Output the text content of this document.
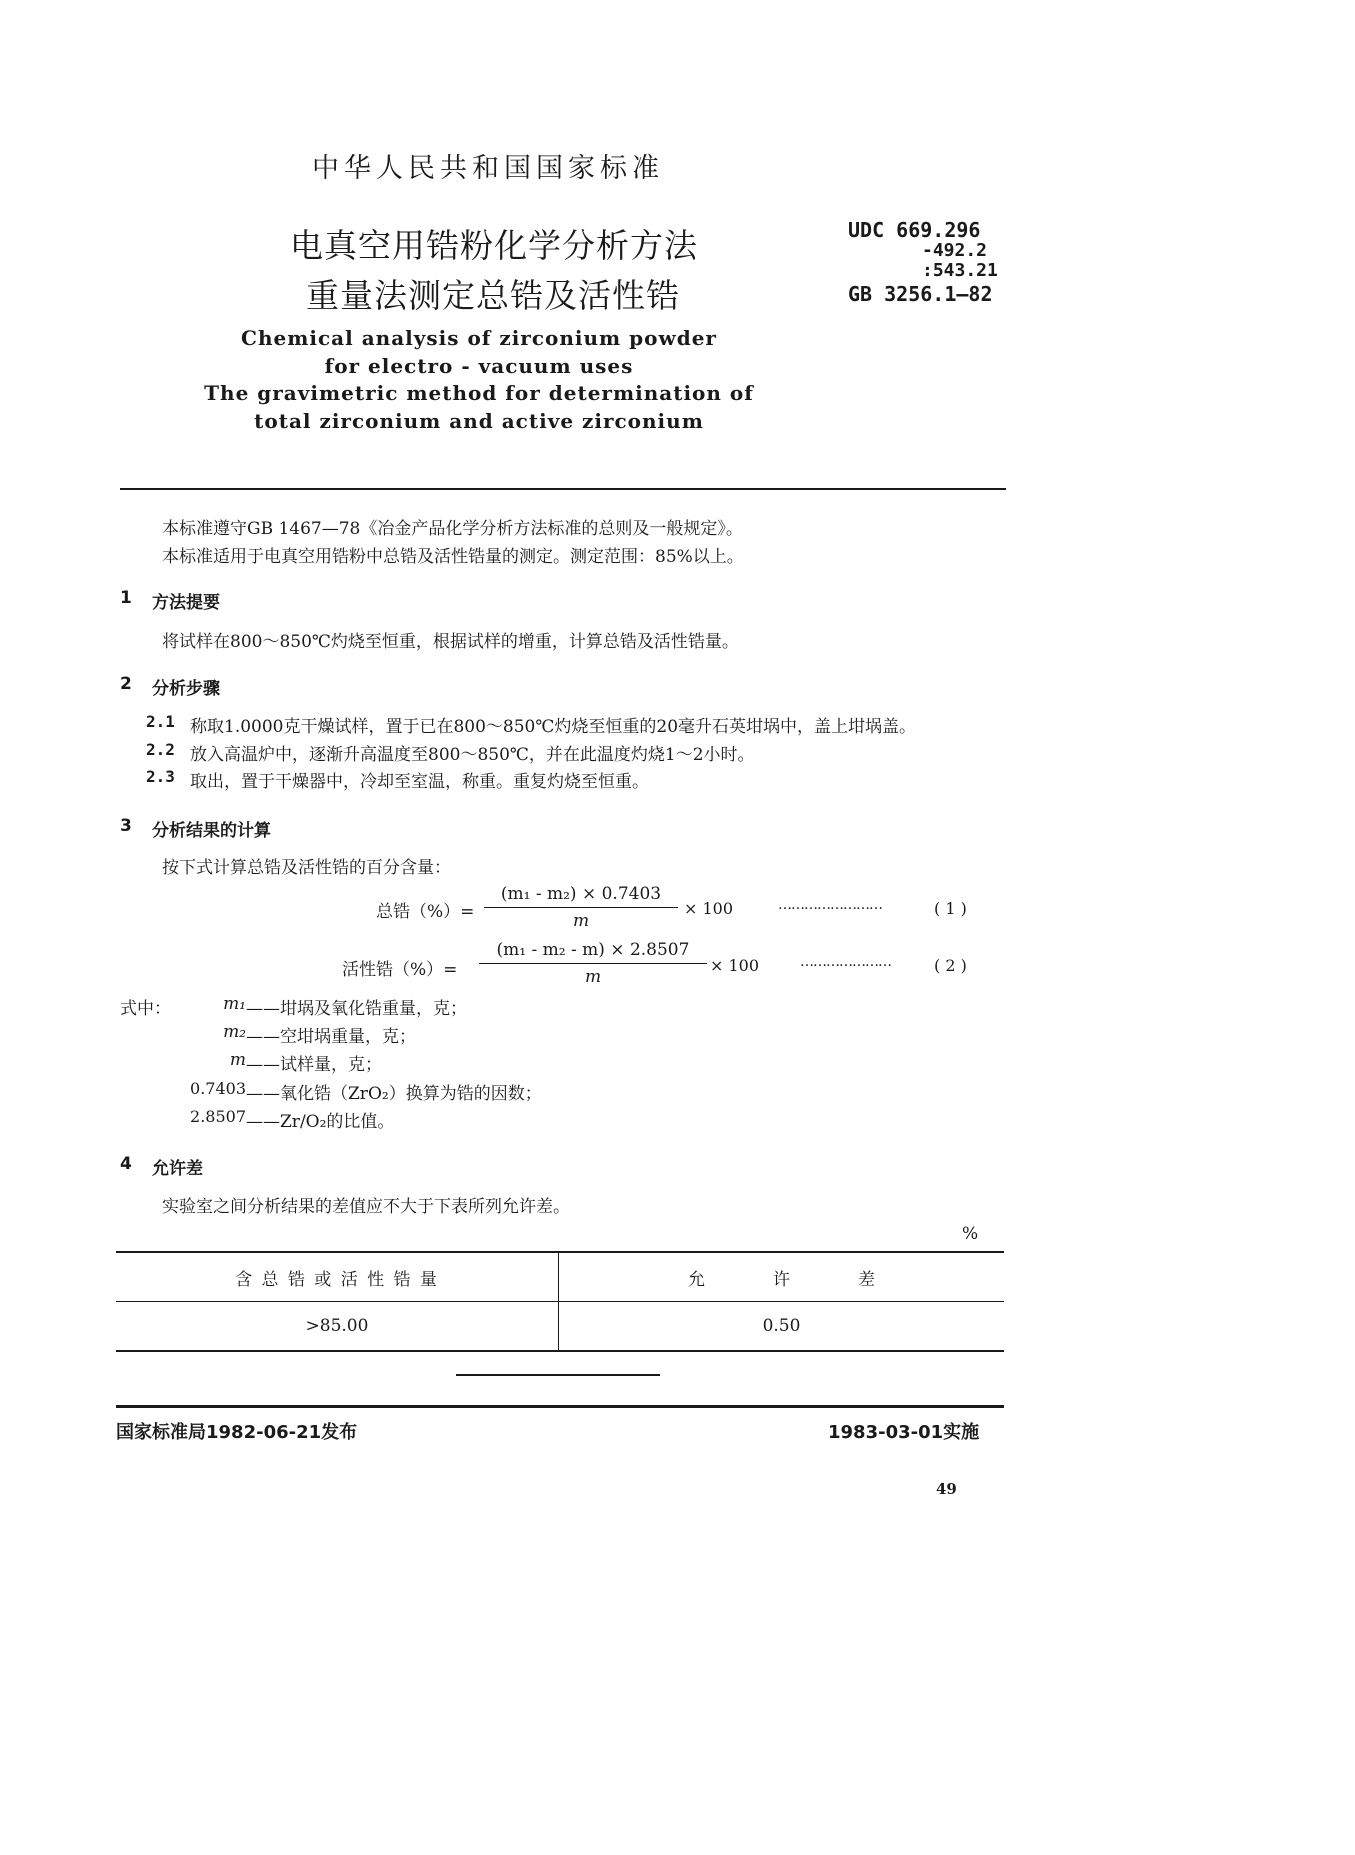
中华人民共和国国家标准
电真空用锆粉化学分析方法
重量法测定总锆及活性锆
UDC 669.296
-492.2
:543.21
GB 3256.1—82
Chemical analysis of zirconium powder
for electro - vacuum uses
The gravimetric method for determination of
total zirconium and active zirconium
本标准遵守GB 1467—78《冶金产品化学分析方法标准的总则及一般规定》。
本标准适用于电真空用锆粉中总锆及活性锆量的测定。测定范围：85%以上。
1 方法提要
将试样在800～850℃灼烧至恒重，根据试样的增重，计算总锆及活性锆量。
2 分析步骤
2.1 称取1.0000克干燥试样，置于已在800～850℃灼烧至恒重的20毫升石英坩埚中，盖上坩埚盖。
2.2 放入高温炉中，逐渐升高温度至800～850℃，并在此温度灼烧1～2小时。
2.3 取出，置于干燥器中，冷却至室温，称重。重复灼烧至恒重。
3 分析结果的计算
按下式计算总锆及活性锆的百分含量：
总锆（%）= $\frac{\text{(m₁ - m₂) × 0.7403}}{m} \times 100$	……………………	( 1 )
活性锆（%）= $\frac{\text{(m₁ - m₂ - m) × 2.8507}}{m} \times 100$	…………………	( 2 )
式中：	m₁ ——坩埚及氧化锆重量，克；
m₂ ——空坩埚重量，克；
m ——试样量，克；
0.7403 ——氧化锆（ZrO₂）换算为锆的因数；
2.8507 ——Zr/O₂的比值。
4 允许差
实验室之间分析结果的差值应不大于下表所列允许差。
%
含 总 锆 或 活 性 锆 量	允　　　　许　　　　差
>85.00	0.50
国家标准局1982-06-21发布	1983-03-01实施
49
